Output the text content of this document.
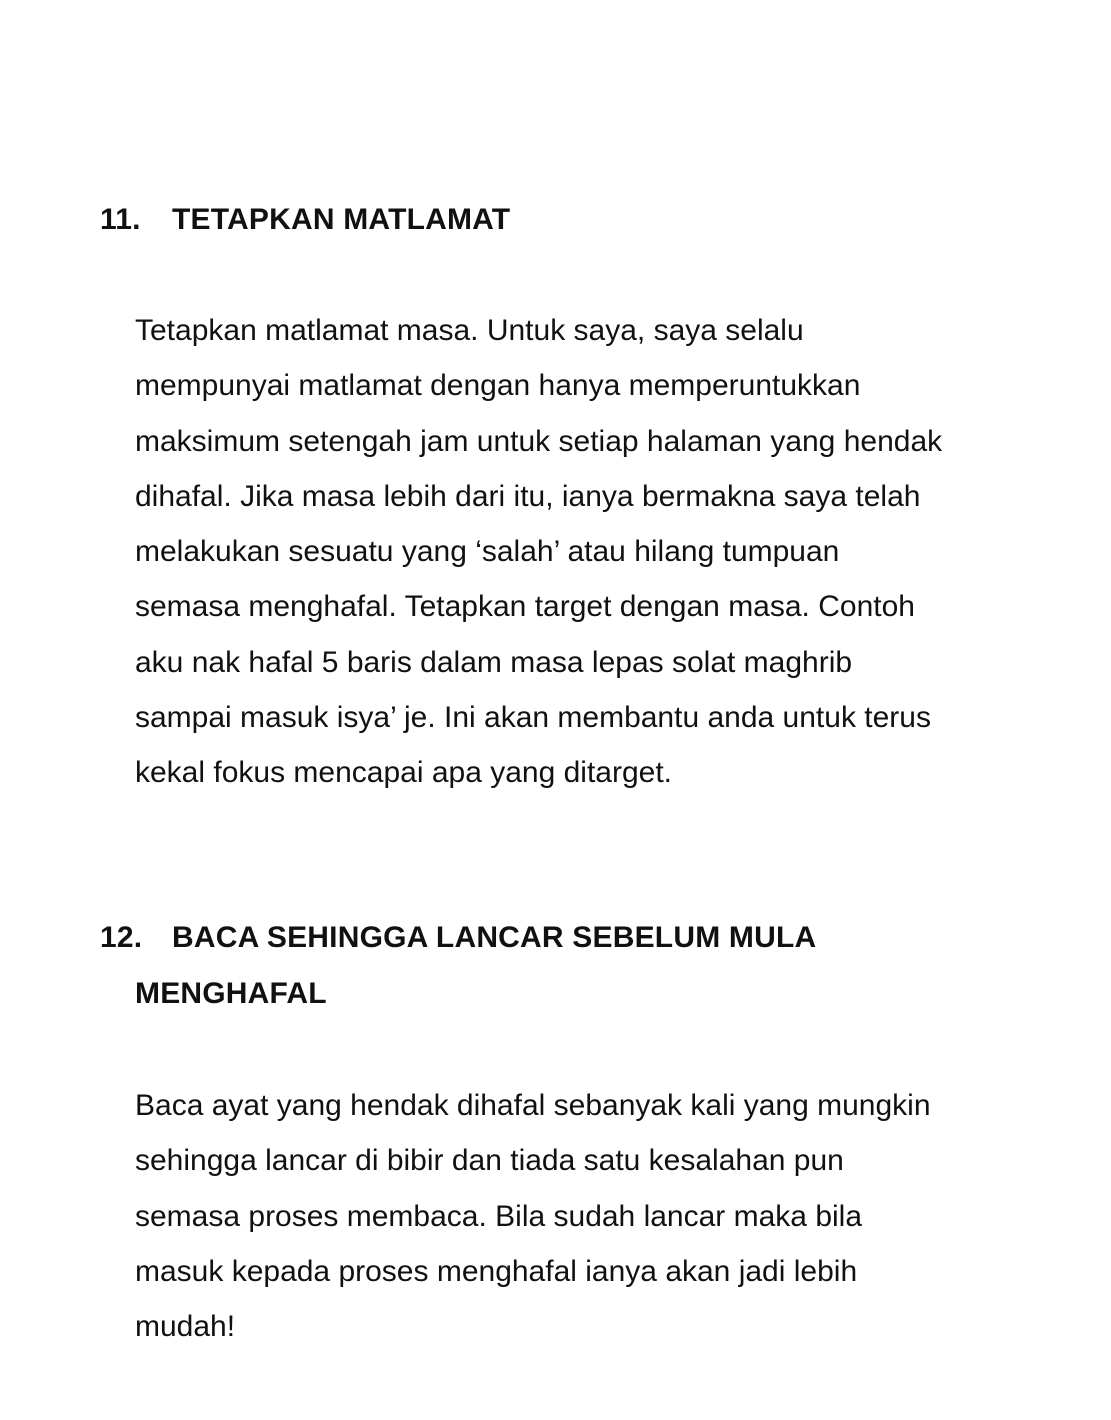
11. TETAPKAN MATLAMAT
Tetapkan matlamat masa. Untuk saya, saya selalu
mempunyai matlamat dengan hanya memperuntukkan
maksimum setengah jam untuk setiap halaman yang hendak
dihafal. Jika masa lebih dari itu, ianya bermakna saya telah
melakukan sesuatu yang ‘salah’ atau hilang tumpuan
semasa menghafal. Tetapkan target dengan masa. Contoh
aku nak hafal 5 baris dalam masa lepas solat maghrib
sampai masuk isya’ je. Ini akan membantu anda untuk terus
kekal fokus mencapai apa yang ditarget.
12. BACA SEHINGGA LANCAR SEBELUM MULA
MENGHAFAL
Baca ayat yang hendak dihafal sebanyak kali yang mungkin
sehingga lancar di bibir dan tiada satu kesalahan pun
semasa proses membaca. Bila sudah lancar maka bila
masuk kepada proses menghafal ianya akan jadi lebih
mudah!
